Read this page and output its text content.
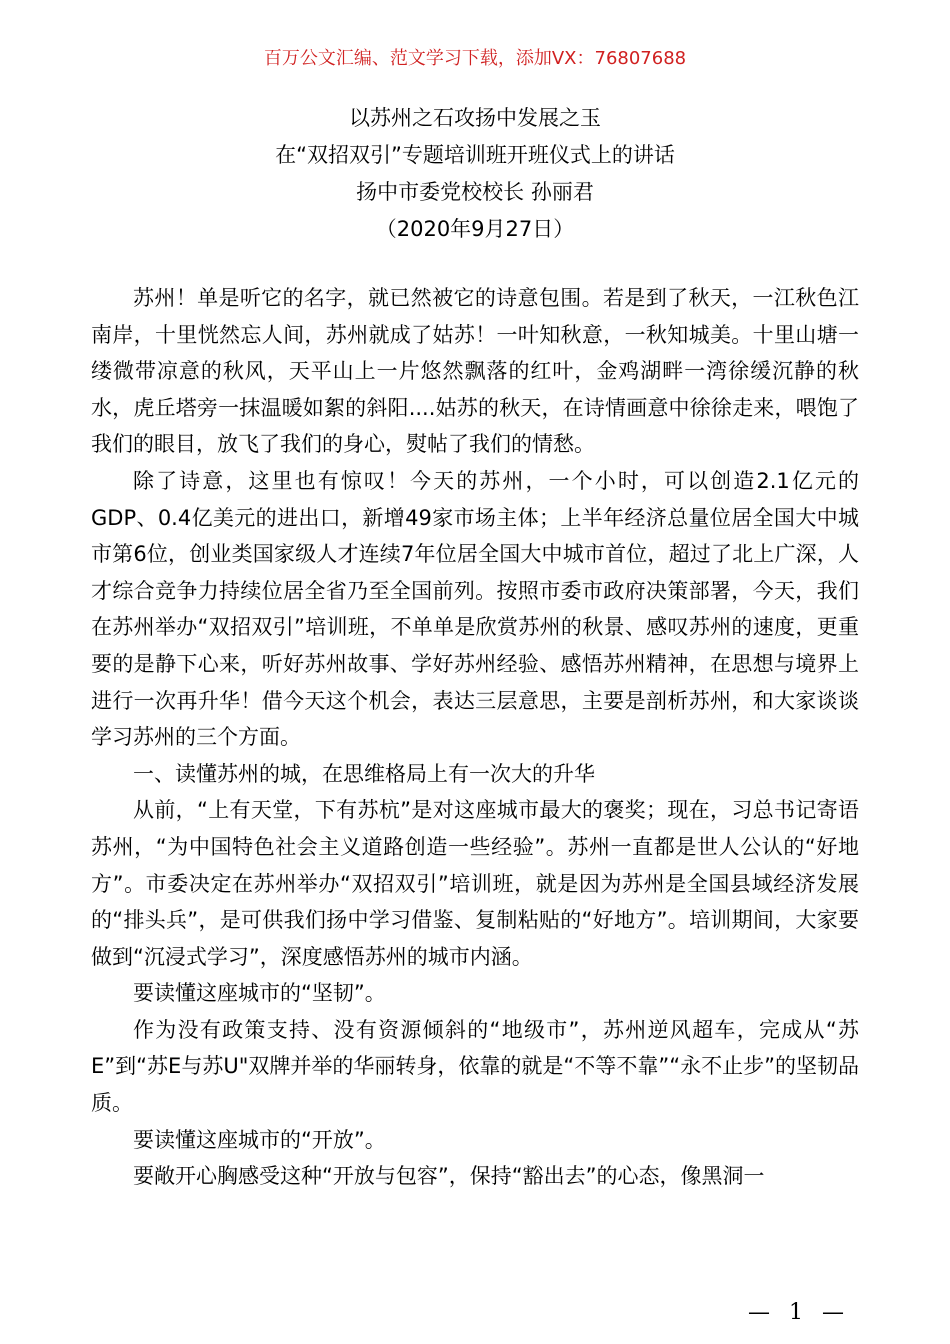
百万公文汇编、范文学习下载，添加VX：76807688
以苏州之石攻扬中发展之玉
在“双招双引”专题培训班开班仪式上的讲话
扬中市委党校校长 孙丽君
（2020年9月27日）

苏州！单是听它的名字，就已然被它的诗意包围。若是到了秋天，一江秋色江南岸，十里恍然忘人间，苏州就成了姑苏！一叶知秋意，一秋知城美。十里山塘一缕微带凉意的秋风，天平山上一片悠然飘落的红叶，金鸡湖畔一湾徐缓沉静的秋水，虎丘塔旁一抹温暖如絮的斜阳....姑苏的秋天，在诗情画意中徐徐走来，喂饱了我们的眼目，放飞了我们的身心，熨帖了我们的情愁。

除了诗意，这里也有惊叹！今天的苏州，一个小时，可以创造2.1亿元的GDP、0.4亿美元的进出口，新增49家市场主体；上半年经济总量位居全国大中城市第6位，创业类国家级人才连续7年位居全国大中城市首位，超过了北上广深，人才综合竞争力持续位居全省乃至全国前列。按照市委市政府决策部署，今天，我们在苏州举办“双招双引”培训班，不单单是欣赏苏州的秋景、感叹苏州的速度，更重要的是静下心来，听好苏州故事、学好苏州经验、感悟苏州精神，在思想与境界上进行一次再升华！借今天这个机会，表达三层意思，主要是剖析苏州，和大家谈谈学习苏州的三个方面。

一、读懂苏州的城，在思维格局上有一次大的升华

从前，“上有天堂，下有苏杭”是对这座城市最大的褒奖；现在，习总书记寄语苏州，“为中国特色社会主义道路创造一些经验”。苏州一直都是世人公认的“好地方”。市委决定在苏州举办“双招双引”培训班，就是因为苏州是全国县域经济发展的“排头兵”，是可供我们扬中学习借鉴、复制粘贴的“好地方”。培训期间，大家要做到“沉浸式学习”，深度感悟苏州的城市内涵。

要读懂这座城市的“坚韧”。

作为没有政策支持、没有资源倾斜的“地级市”，苏州逆风超车，完成从“苏E”到“苏E与苏U"双牌并举的华丽转身，依靠的就是“不等不靠”“永不止步”的坚韧品质。

要读懂这座城市的“开放”。

要敞开心胸感受这种“开放与包容”，保持“豁出去”的心态，像黑洞一

— 1 —
